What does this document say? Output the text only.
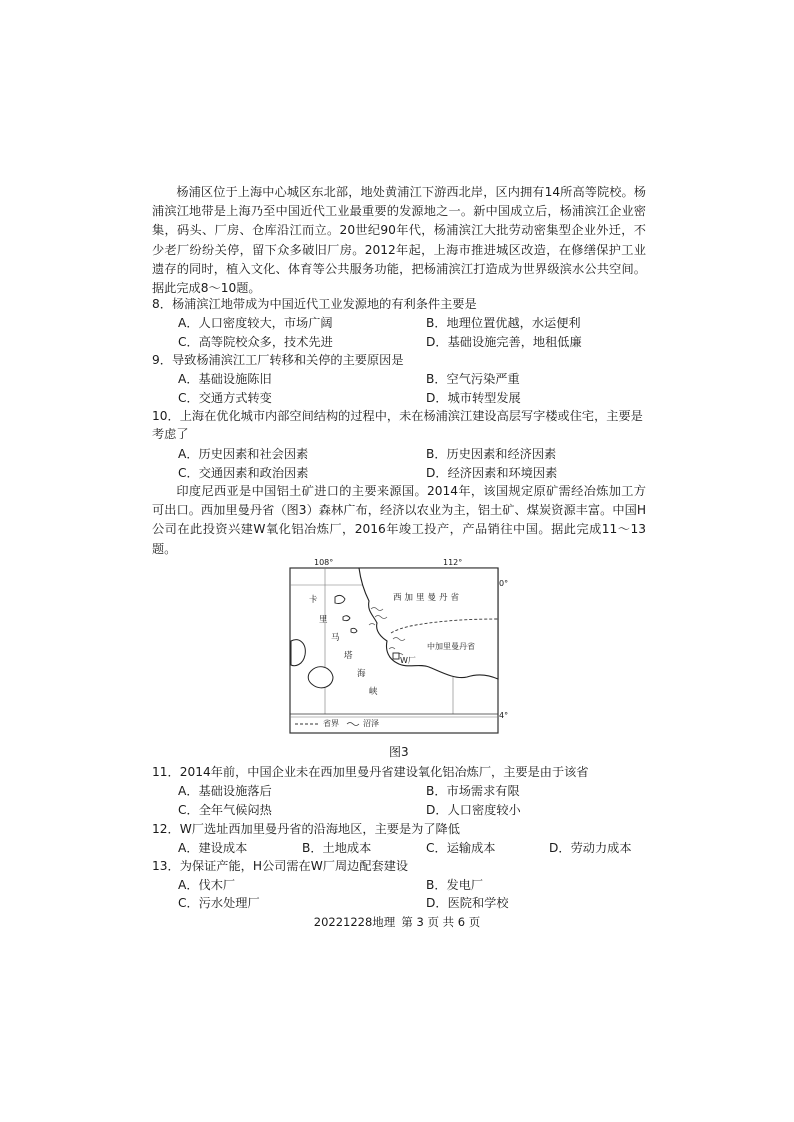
杨浦区位于上海中心城区东北部，地处黄浦江下游西北岸，区内拥有14所高等院校。杨浦滨江地带是上海乃至中国近代工业最重要的发源地之一。新中国成立后，杨浦滨江企业密集，码头、厂房、仓库沿江而立。20世纪90年代，杨浦滨江大批劳动密集型企业外迁，不少老厂纷纷关停，留下众多破旧厂房。2012年起，上海市推进城区改造，在修缮保护工业遗存的同时，植入文化、体育等公共服务功能，把杨浦滨江打造成为世界级滨水公共空间。据此完成8～10题。
8．杨浦滨江地带成为中国近代工业发源地的有利条件主要是
A．人口密度较大，市场广阔	B．地理位置优越，水运便利
C．高等院校众多，技术先进	D．基础设施完善，地租低廉
9．导致杨浦滨江工厂转移和关停的主要原因是
A．基础设施陈旧	B．空气污染严重
C．交通方式转变	D．城市转型发展
10．上海在优化城市内部空间结构的过程中，未在杨浦滨江建设高层写字楼或住宅，主要是考虑了
A．历史因素和社会因素	B．历史因素和经济因素
C．交通因素和政治因素	D．经济因素和环境因素
印度尼西亚是中国铝土矿进口的主要来源国。2014年，该国规定原矿需经冶炼加工方可出口。西加里曼丹省（图3）森林广布，经济以农业为主，铝土矿、煤炭资源丰富。中国H公司在此投资兴建W氧化铝冶炼厂，2016年竣工投产，产品销往中国。据此完成11～13题。
108°	112°
0°
4°
西加里曼丹省
中加里曼丹省
卡
里
马
塔
海
峡
W厂
省界	沼泽
图3
11．2014年前，中国企业未在西加里曼丹省建设氧化铝冶炼厂，主要是由于该省
A．基础设施落后	B．市场需求有限
C．全年气候闷热	D．人口密度较小
12．W厂选址西加里曼丹省的沿海地区，主要是为了降低
A．建设成本	B．土地成本	C．运输成本	D．劳动力成本
13．为保证产能，H公司需在W厂周边配套建设
A．伐木厂	B．发电厂
C．污水处理厂	D．医院和学校
20221228地理 第 3 页 共 6 页
